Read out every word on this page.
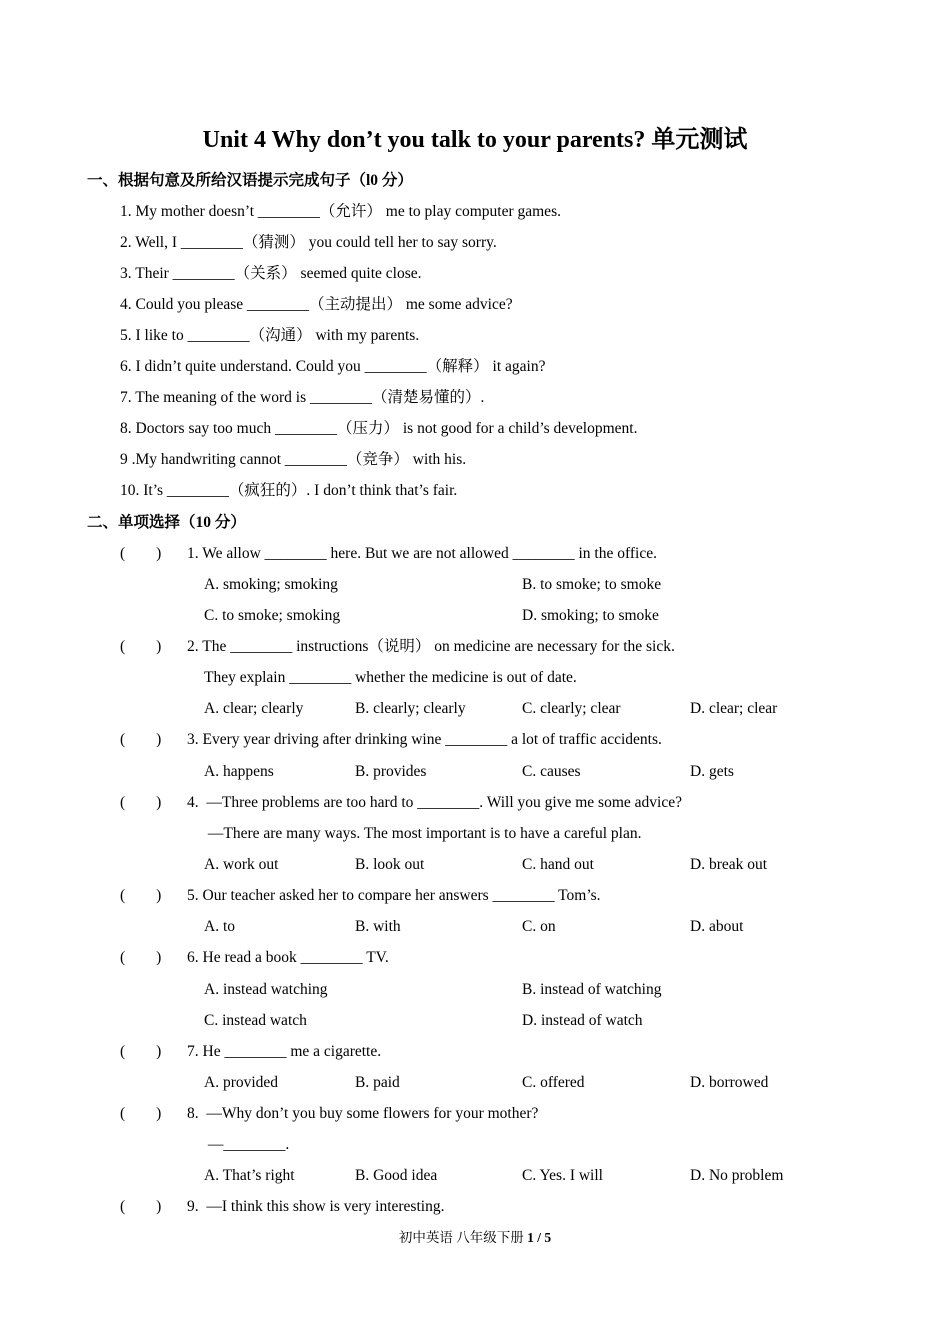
Unit 4 Why don’t you talk to your parents? 单元测试
一、根据句意及所给汉语提示完成句子（l0 分）
1. My mother doesn’t ________（允许） me to play computer games.
2. Well, I ________（猜测） you could tell her to say sorry.
3. Their ________（关系） seemed quite close.
4. Could you please ________（主动提出） me some advice?
5. I like to ________（沟通） with my parents.
6. I didn’t quite understand. Could you ________（解释） it again?
7. The meaning of the word is ________（清楚易懂的）.
8. Doctors say too much ________（压力） is not good for a child’s development.
9 .My handwriting cannot ________（竞争） with his.
10. It’s ________（疯狂的）. I don’t think that’s fair.
二、单项选择（10 分）
(        ) 1. We allow ________ here. But we are not allowed ________ in the office.
A. smoking; smoking	B. to smoke; to smoke
C. to smoke; smoking	D. smoking; to smoke
(        ) 2. The ________ instructions（说明） on medicine are necessary for the sick.
They explain ________ whether the medicine is out of date.
A. clear; clearly	B. clearly; clearly	C. clearly; clear	D. clear; clear
(        ) 3. Every year driving after drinking wine ________ a lot of traffic accidents.
A. happens	B. provides	C. causes	D. gets
(        ) 4.  —Three problems are too hard to ________. Will you give me some advice?
—There are many ways. The most important is to have a careful plan.
A. work out	B. look out	C. hand out	D. break out
(        ) 5. Our teacher asked her to compare her answers ________ Tom’s.
A. to	B. with	C. on	D. about
(        ) 6. He read a book ________ TV.
A. instead watching	B. instead of watching
C. instead watch	D. instead of watch
(        ) 7. He ________ me a cigarette.
A. provided	B. paid	C. offered	D. borrowed
(        ) 8.  —Why don’t you buy some flowers for your mother?
—________.
A. That’s right	B. Good idea	C. Yes. I will	D. No problem
(        ) 9.  —I think this show is very interesting.
初中英语 八年级下册 1 / 5
